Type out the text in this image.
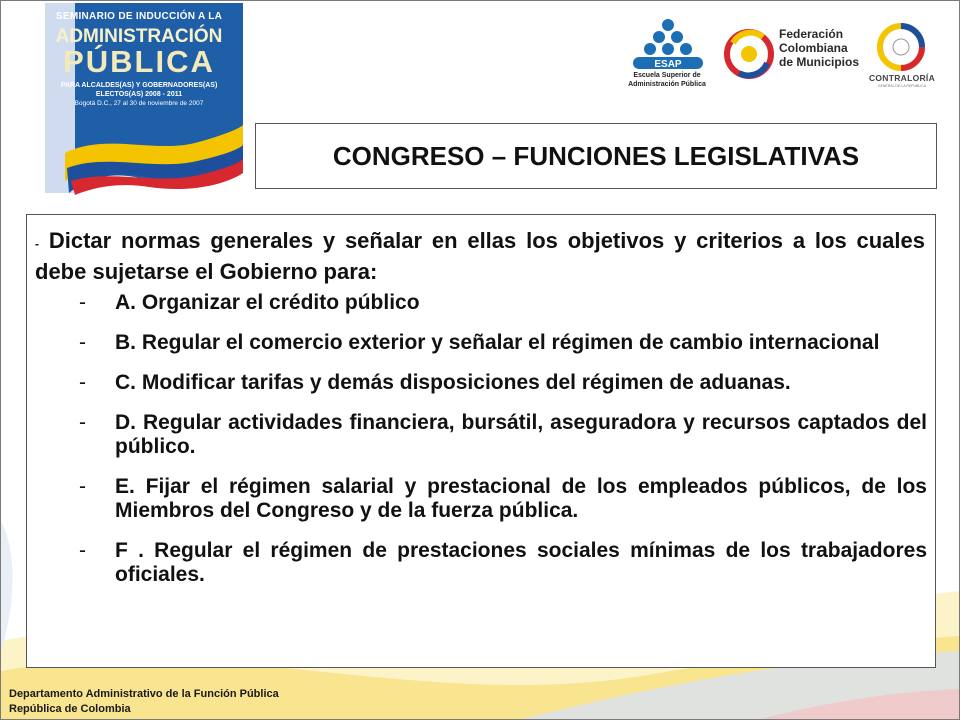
SEMINARIO DE INDUCCIÓN A LA
ADMINISTRACIÓN
PÚBLICA
PARA ALCALDES(AS) Y GOBERNADORES(AS)
ELECTOS(AS) 2008 - 2011
Bogotá D.C., 27 al 30 de noviembre de 2007
ESAP
Escuela Superior de
Administración Pública
Federación
Colombiana
de Municipios
CONTRALORÍA
GENERAL DE LA REPÚBLICA
CONGRESO – FUNCIONES LEGISLATIVAS
- Dictar normas generales y señalar en ellas los objetivos y criterios a los cuales debe sujetarse el Gobierno para:
- A. Organizar el crédito público
- B. Regular el comercio exterior y señalar el régimen de cambio internacional
- C. Modificar tarifas y demás disposiciones del régimen de aduanas.
- D. Regular actividades financiera, bursátil, aseguradora y recursos captados del público.
- E. Fijar el régimen salarial y prestacional de los empleados públicos, de los Miembros del Congreso y de la fuerza pública.
- F . Regular el régimen de prestaciones sociales mínimas de los trabajadores oficiales.
Departamento Administrativo de la Función Pública
República de Colombia
